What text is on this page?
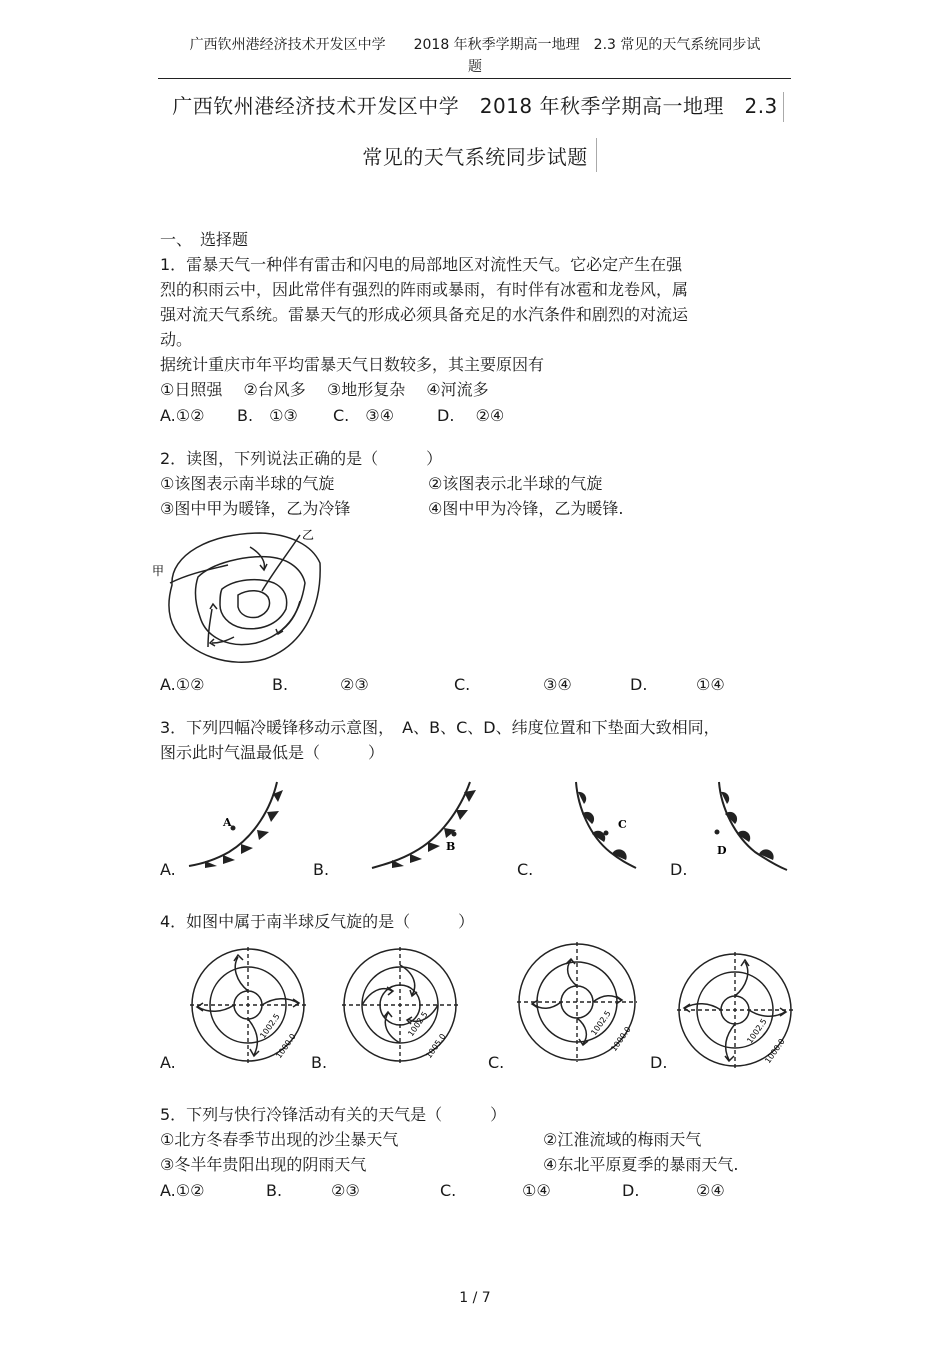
广西钦州港经济技术开发区中学　　2018 年秋季学期高一地理　2.3 常见的天气系统同步试
题
广西钦州港经济技术开发区中学　2018 年秋季学期高一地理　2.3
常见的天气系统同步试题
一、　选择题
1．雷暴天气一种伴有雷击和闪电的局部地区对流性天气。它必定产生在强
烈的积雨云中，因此常伴有强烈的阵雨或暴雨，有时伴有冰雹和龙卷风，属
强对流天气系统。雷暴天气的形成必须具备充足的水汽条件和剧烈的对流运
动。
据统计重庆市年平均雷暴天气日数较多，其主要原因有
①日照强　 ②台风多　 ③地形复杂　 ④河流多
A.①② B.　①③ C.　③④	D.　 ②④
2．读图，下列说法正确的是（　　　）
①该图表示南半球的气旋	②该图表示北半球的气旋
③图中甲为暖锋，乙为冷锋	④图中甲为冷锋，乙为暖锋.
甲
乙
A.①②	B.	②③	C.	③④	D.	①④
3．下列四幅冷暖锋移动示意图，　A、B、C、D、纬度位置和下垫面大致相同，
图示此时气温最低是（　　　）
A
B
C
D
A.	B.	C.	D.
4．如图中属于南半球反气旋的是（　　　）
1002.5
1000.0
1002.5
1005.0
1002.5
1000.0	1002.5
1000.0
A.	B.	C.	D.
5．下列与快行冷锋活动有关的天气是（　　　）
①北方冬春季节出现的沙尘暴天气	②江淮流域的梅雨天气
③冬半年贵阳出现的阴雨天气	④东北平原夏季的暴雨天气.
A.①②	B.	②③	C.	①④	D.	②④
1 / 7
